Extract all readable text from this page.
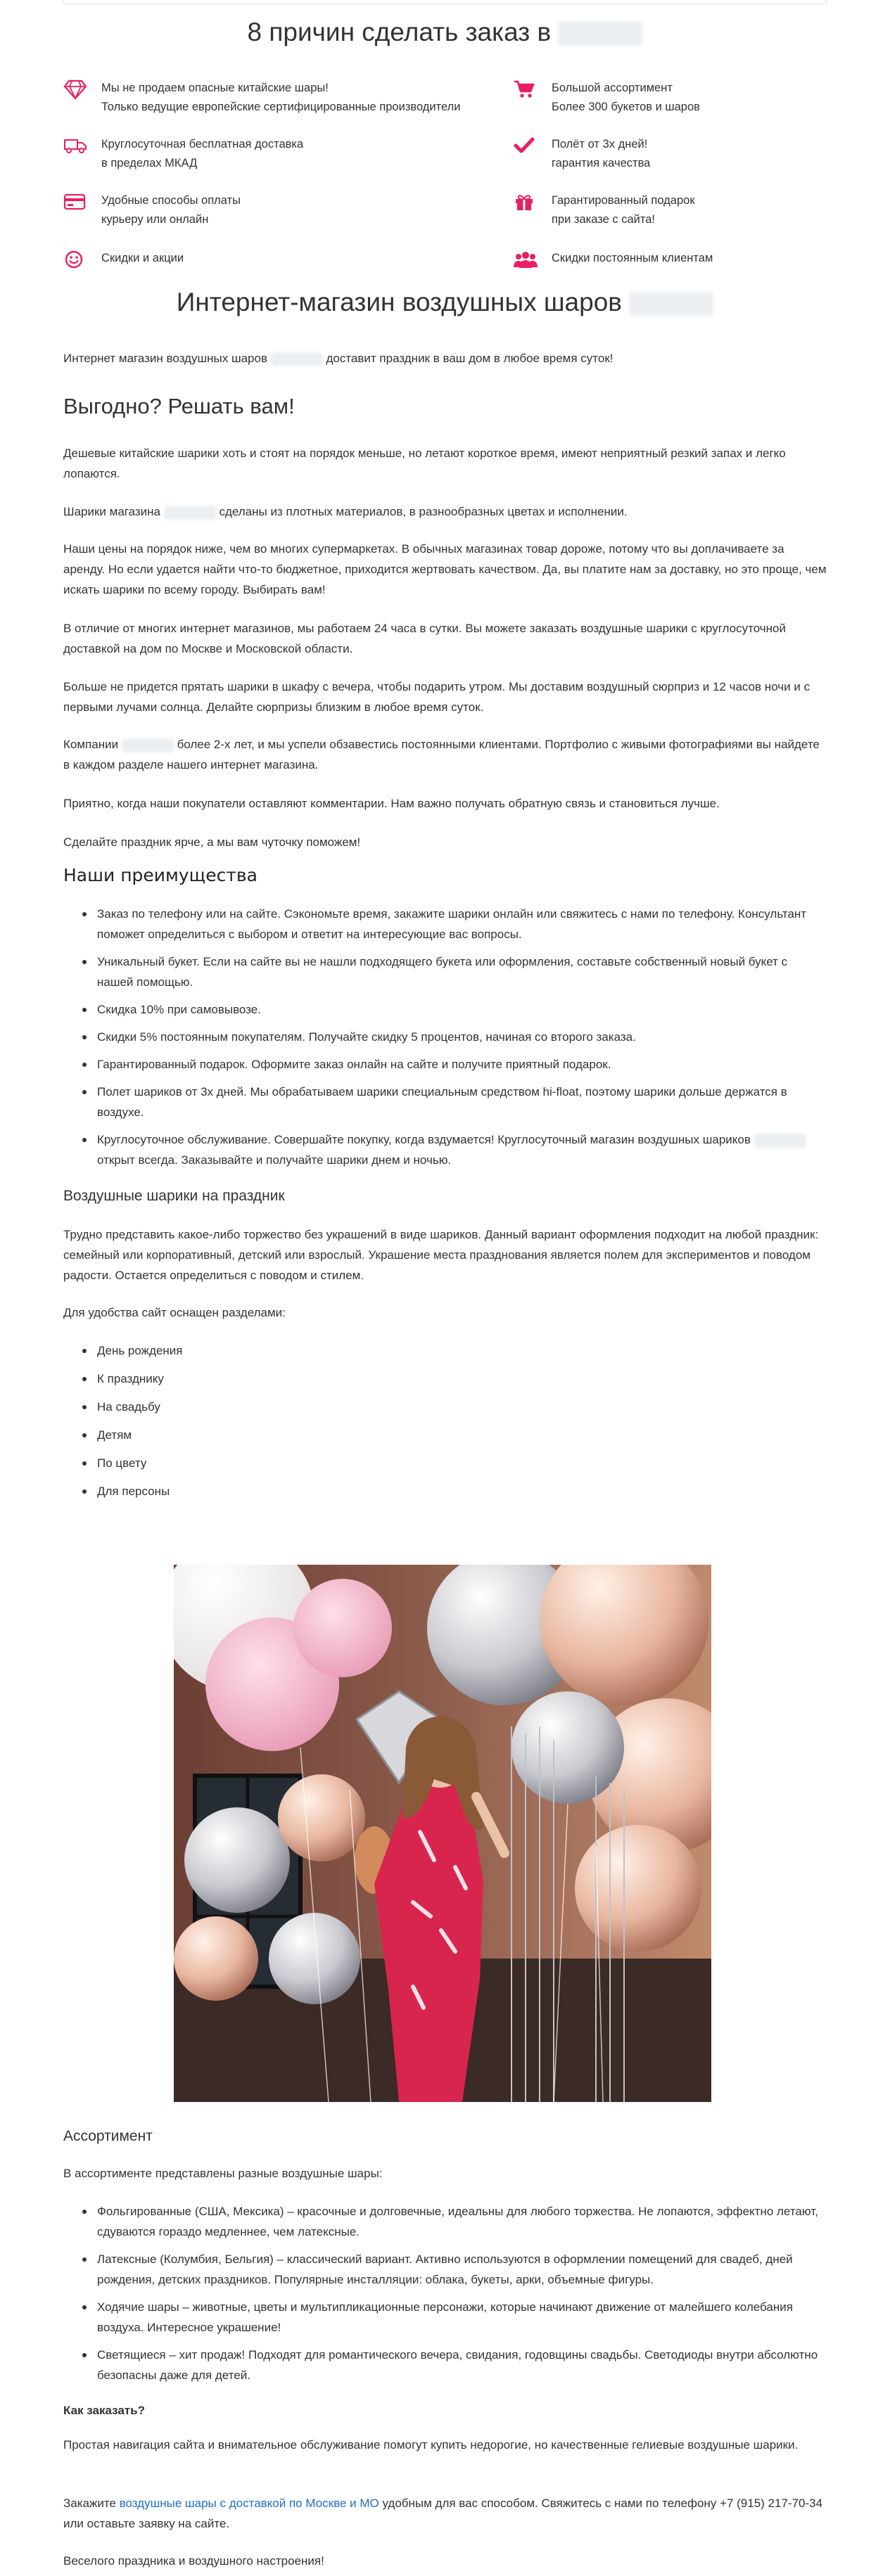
8 причин сделать заказ в
Мы не продаем опасные китайские шары!
Только ведущие европейские сертифицированные производители
Большой ассортимент
Более 300 букетов и шаров
Круглосуточная бесплатная доставка
в пределах МКАД
Полёт от 3х дней!
гарантия качества
Удобные способы оплаты
курьеру или онлайн
Гарантированный подарок
при заказе с сайта!
Скидки и акции	Скидки постоянным клиентам
Интернет-магазин воздушных шаров
Интернет магазин воздушных шаров	доставит праздник в ваш дом в любое время суток!
Выгодно? Решать вам!
Дешевые китайские шарики хоть и стоят на порядок меньше, но летают короткое время, имеют неприятный резкий запах и легко лопаются.
Шарики магазина	сделаны из плотных материалов, в разнообразных цветах и исполнении.
Наши цены на порядок ниже, чем во многих супермаркетах. В обычных магазинах товар дороже, потому что вы доплачиваете за аренду. Но если удается найти что-то бюджетное, приходится жертвовать качеством. Да, вы платите нам за доставку, но это проще, чем искать шарики по всему городу. Выбирать вам!
В отличие от многих интернет магазинов, мы работаем 24 часа в сутки. Вы можете заказать воздушные шарики с круглосуточной доставкой на дом по Москве и Московской области.
Больше не придется прятать шарики в шкафу с вечера, чтобы подарить утром. Мы доставим воздушный сюрприз и 12 часов ночи и с первыми лучами солнца. Делайте сюрпризы близким в любое время суток.
Компании	более 2-х лет, и мы успели обзавестись постоянными клиентами. Портфолио с живыми фотографиями вы найдете в каждом разделе нашего интернет магазина.
Приятно, когда наши покупатели оставляют комментарии. Нам важно получать обратную связь и становиться лучше.
Сделайте праздник ярче, а мы вам чуточку поможем!
Наши преимущества
Заказ по телефону или на сайте. Сэкономьте время, закажите шарики онлайн или свяжитесь с нами по телефону. Консультант поможет определиться с выбором и ответит на интересующие вас вопросы.
Уникальный букет. Если на сайте вы не нашли подходящего букета или оформления, составьте собственный новый букет с нашей помощью.
Скидка 10% при самовывозе.
Скидки 5% постоянным покупателям. Получайте скидку 5 процентов, начиная со второго заказа.
Гарантированный подарок. Оформите заказ онлайн на сайте и получите приятный подарок.
Полет шариков от 3х дней. Мы обрабатываем шарики специальным средством hi-float, поэтому шарики дольше держатся в воздухе.
Круглосуточное обслуживание. Совершайте покупку, когда вздумается! Круглосуточный магазин воздушных шариков  открыт всегда. Заказывайте и получайте шарики днем и ночью.
Воздушные шарики на праздник
Трудно представить какое-либо торжество без украшений в виде шариков. Данный вариант оформления подходит на любой праздник: семейный или корпоративный, детский или взрослый. Украшение места празднования является полем для экспериментов и поводом радости. Остается определиться с поводом и стилем.
Для удобства сайт оснащен разделами:
День рождения
К празднику
На свадьбу
Детям
По цвету
Для персоны
Ассортимент
В ассортименте представлены разные воздушные шары:
Фольгированные (США, Мексика) – красочные и долговечные, идеальны для любого торжества. Не лопаются, эффектно летают, сдуваются гораздо медленнее, чем латексные.
Латексные (Колумбия, Бельгия) – классический вариант. Активно используются в оформлении помещений для свадеб, дней рождения, детских праздников. Популярные инсталляции: облака, букеты, арки, объемные фигуры.
Ходячие шары – животные, цветы и мультипликационные персонажи, которые начинают движение от малейшего колебания воздуха. Интересное украшение!
Светящиеся – хит продаж! Подходят для романтического вечера, свидания, годовщины свадьбы. Светодиоды внутри абсолютно безопасны даже для детей.
Как заказать?
Простая навигация сайта и внимательное обслуживание помогут купить недорогие, но качественные гелиевые воздушные шарики.
Закажите воздушные шары с доставкой по Москве и МО удобным для вас способом. Свяжитесь с нами по телефону +7 (915) 217-70-34 или оставьте заявку на сайте.
Веселого праздника и воздушного настроения!
